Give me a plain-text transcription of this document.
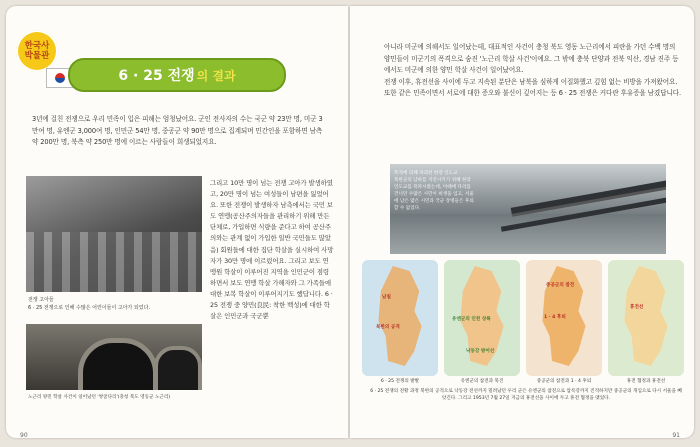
한국사
박물관
6 · 25 전쟁 의 결과
3년에 걸친 전쟁으로 우리 민족이 입은 피해는 엄청났어요. 군인 전사자의 수는 국군 약 23만 명, 미군 3만여 명, 유엔군 3,000여 명, 인민군 54만 명, 중공군 약 90만 명으로 집계되며 민간인을 포함하면 남측 약 200만 명, 북측 약 250만 명에 이르는 사람들이 희생되었지요.
전쟁 고아들
6 · 25 전쟁으로 인해 수많은 어린이들이 고아가 되었다.
노근리 양민 학살 사건이 일어났던 '쌍굴다리'(충청 북도 영동군 노근리)
그리고 10만 명이 넘는 전쟁 고아가 발생하였고, 20만 명이 넘는 여성들이 남편을 잃었어요. 또한 전쟁이 발생하자 남측에서는 국민 보도 연맹(공산주의자들을 관리하기 위해 만든 단체로, 가입하면 식량을 준다고 하여 공산주의와는 관계 없이 가입한 일반 국민들도 많았음) 회원들에 대한 집단 학살을 실시하여 사망자가 30만 명에 이르렀어요. 그리고 보도 연맹원 학살이 이루어진 지역을 인민군이 점령하면서 보도 연맹 학살 가해자와 그 가족들에 대한 보복 학살이 이루어지기도 했답니다. 6 · 25 전쟁 중 양민(良民: 착한 백성)에 대한 학살은 인민군과 국군뿐
90
아니라 미군에 의해서도 일어났는데, 대표적인 사건이 충청 북도 영동 노근리에서 피란을 가던 수백 명의 양민들이 미군기의 폭격으로 숨진 '노근리 학살 사건'이에요. 그 밖에 충북 단양과 전북 익산, 경남 진주 등에서도 미군에 의한 양민 학살 사건이 일어났어요.
전쟁 이후, 휴전선을 사이에 두고 지속된 분단은 남북을 심하게 이질화했고 깊힘 없는 비방을 가져왔어요. 또한 같은 민족이면서 서로에 대한 증오와 불신이 깊어지는 등 6 · 25 전쟁은 커다란 후유증을 남겼답니다.
폭격에 의해 파괴된 한강 인도교
북한군의 남하를 지연시키기 위해 한강 인도교를 폭파시켰는데, 이때에 다리를 건너던 수많은 시민이 희생을 입고, 서울에 남은 많은 시민과 국군 장병들은 후퇴할 수 없었다.
남침
북한의 공격
6 · 25 전쟁의 발발
유엔군의 인천 상륙
낙동강 방어선
유엔군의 참전과 북진
중공군의 참전
1 · 4 후퇴
중공군의 참전과 1 · 4 후퇴
휴전선
휴전 협정과 휴전선
6 · 25 전쟁의 전황 과정 북한의 공격으로 낙동강 전선까지 밀려났던 우리 군은 유엔군의 참전으로 압록강까지 진격하지만 중공군의 개입으로 다시 서울을 빼앗긴다. 그리고 1953년 7월 27일 지금의 휴전선을 사이에 두고 휴전 협정을 맺었다.
91
